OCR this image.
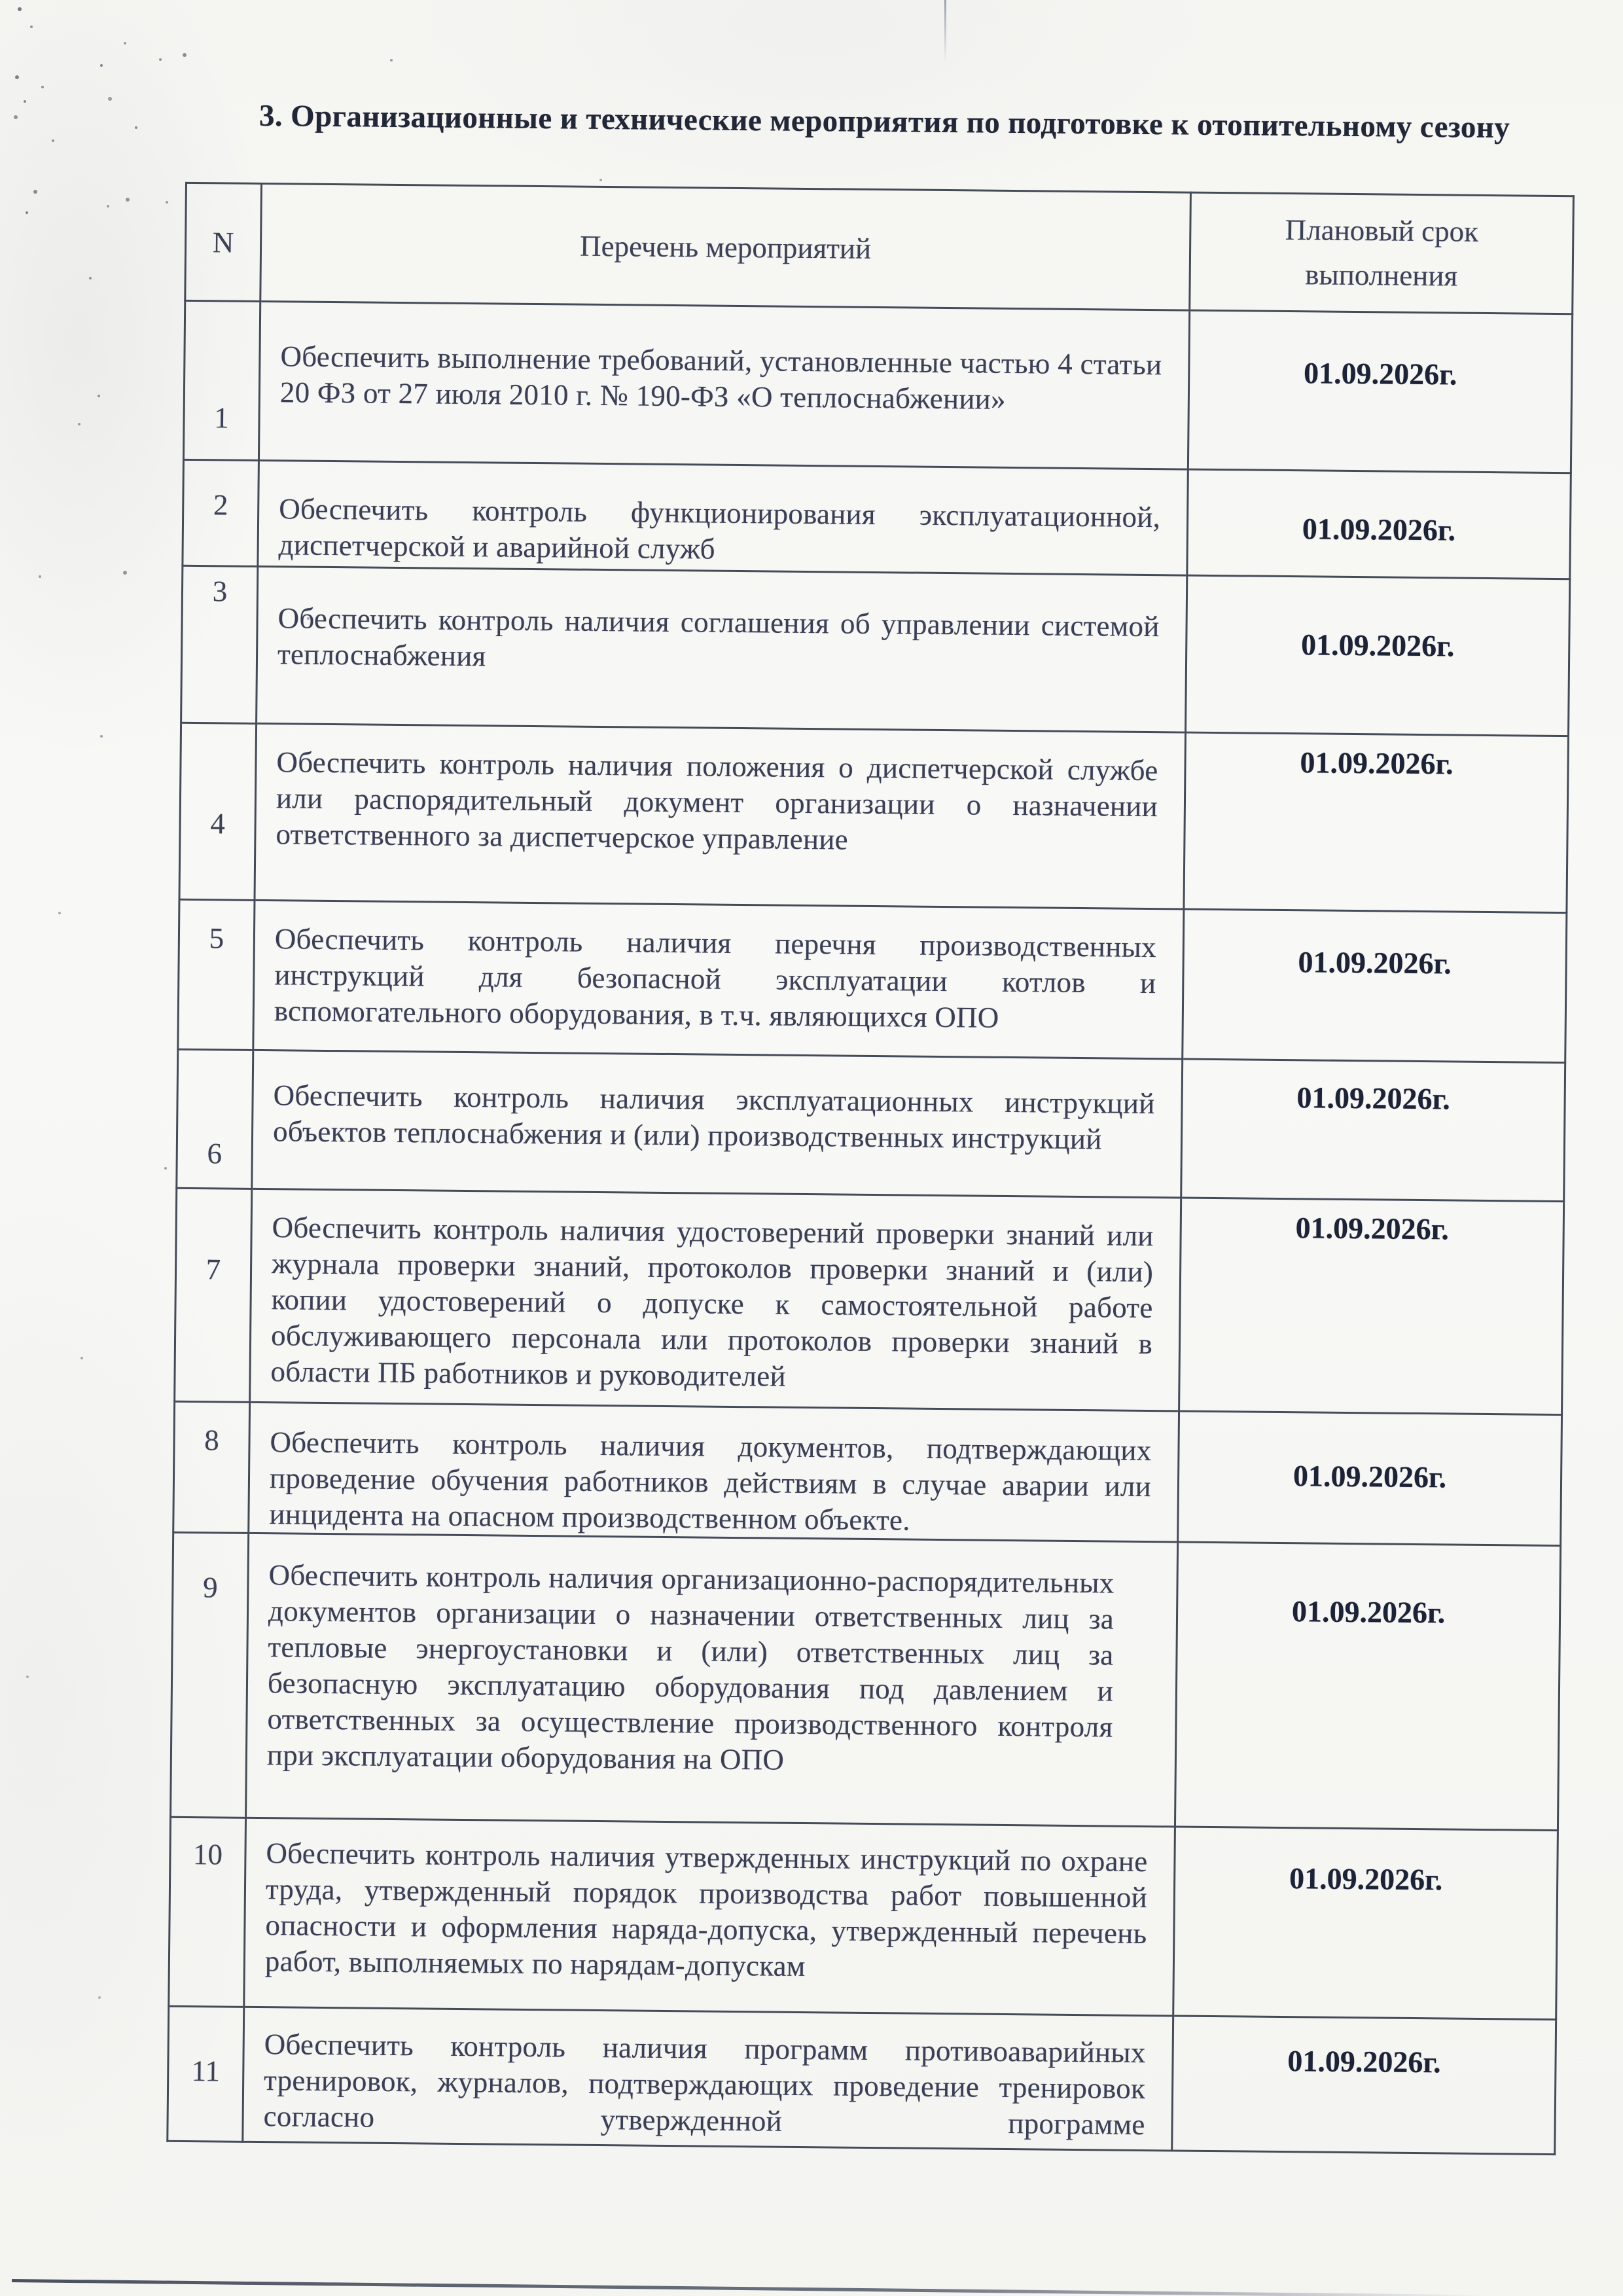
3. Организационные и технические мероприятия по подготовке к отопительному сезону
N	Перечень мероприятий	Плановый срок выполнения
1	Обеспечить выполнение требований, установленные частью 4 статьи 20 ФЗ от 27 июля 2010 г. № 190-ФЗ «О теплоснабжении»	01.09.2026г.
2	Обеспечить контроль функционирования эксплуатационной, диспетчерской и аварийной служб	01.09.2026г.
3	Обеспечить контроль наличия соглашения об управлении системой теплоснабжения	01.09.2026г.
4	Обеспечить контроль наличия положения о диспетчерской службе или распорядительный документ организации о назначении ответственного за диспетчерское управление	01.09.2026г.
5	Обеспечить контроль наличия перечня производственных инструкций для безопасной эксплуатации котлов и вспомогательного оборудования, в т.ч. являющихся ОПО	01.09.2026г.
6	Обеспечить контроль наличия эксплуатационных инструкций объектов теплоснабжения и (или) производственных инструкций	01.09.2026г.
7	Обеспечить контроль наличия удостоверений проверки знаний или журнала проверки знаний, протоколов проверки знаний и (или) копии удостоверений о допуске к самостоятельной работе обслуживающего персонала или протоколов проверки знаний в области ПБ работников и руководителей	01.09.2026г.
8	Обеспечить контроль наличия документов, подтверждающих проведение обучения работников действиям в случае аварии или инцидента на опасном производственном объекте.	01.09.2026г.
9	Обеспечить контроль наличия организационно-распорядительных документов организации о назначении ответственных лиц за тепловые энергоустановки и (или) ответственных лиц за безопасную эксплуатацию оборудования под давлением и ответственных за осуществление производственного контроля при эксплуатации оборудования на ОПО	01.09.2026г.
10	Обеспечить контроль наличия утвержденных инструкций по охране труда, утвержденный порядок производства работ повышенной опасности и оформления наряда-допуска, утвержденный перечень работ, выполняемых по нарядам-допускам	01.09.2026г.
11	Обеспечить контроль наличия программ противоаварийных тренировок, журналов, подтверждающих проведение тренировок согласно утвержденной программе	01.09.2026г.
